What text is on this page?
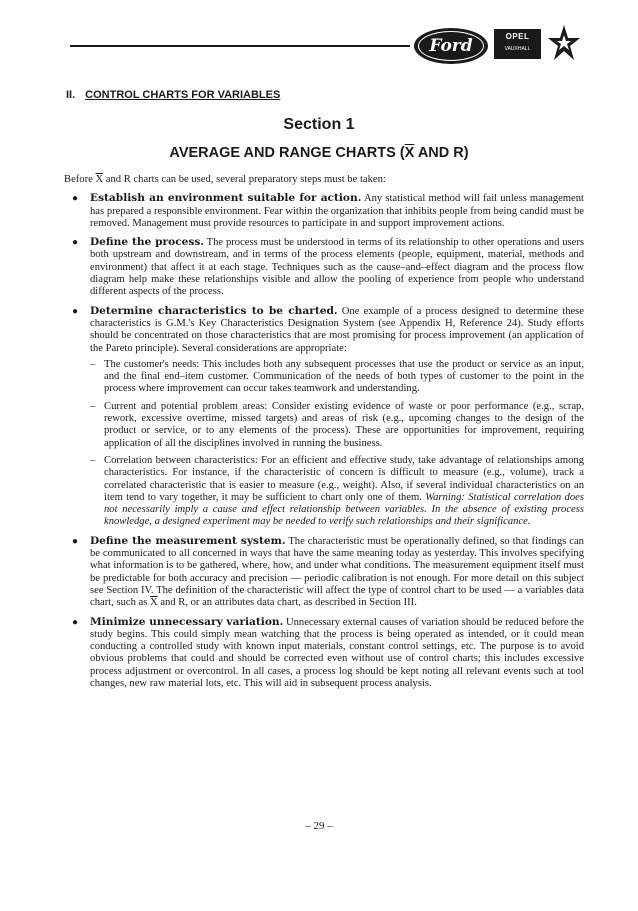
Ford	OPEL
VAUXHALL
II. CONTROL CHARTS FOR VARIABLES
Section 1
AVERAGE AND RANGE CHARTS ($\overline{X}$ AND R)

Before $\overline{X}$ and R charts can be used, several preparatory steps must be taken:

● Establish an environment suitable for action. Any statistical method will fail unless management has prepared a responsible environment. Fear within the organization that inhibits people from being candid must be removed. Management must provide resources to participate in and support improvement actions.
● Define the process. The process must be understood in terms of its relationship to other operations and users both upstream and downstream, and in terms of the process elements (people, equipment, material, methods and environment) that affect it at each stage. Techniques such as the cause–and–effect diagram and the process flow diagram help make these relationships visible and allow the pooling of experience from people who understand different aspects of the process.
● Determine characteristics to be charted. One example of a process designed to determine these characteristics is G.M.'s Key Characteristics Designation System (see Appendix H, Reference 24). Study efforts should be concentrated on those characteristics that are most promising for process improvement (an application of the Pareto principle). Several considerations are appropriate:
– The customer's needs: This includes both any subsequent processes that use the product or service as an input, and the final end–item customer. Communication of the needs of both types of customer to the point in the process where improvement can occur takes teamwork and understanding.
– Current and potential problem areas: Consider existing evidence of waste or poor performance (e.g., scrap, rework, excessive overtime, missed targets) and areas of risk (e.g., upcoming changes to the design of the product or service, or to any elements of the process). These are opportunities for improvement, requiring application of all the disciplines involved in running the business.
– Correlation between characteristics: For an efficient and effective study, take advantage of relationships among characteristics. For instance, if the characteristic of concern is difficult to measure (e.g., volume), track a correlated characteristic that is easier to measure (e.g., weight). Also, if several individual characteristics on an item tend to vary together, it may be sufficient to chart only one of them. Warning: Statistical correlation does not necessarily imply a cause and effect relationship between variables. In the absence of existing process knowledge, a designed experiment may be needed to verify such relationships and their significance.
● Define the measurement system. The characteristic must be operationally defined, so that findings can be communicated to all concerned in ways that have the same meaning today as yesterday. This involves specifying what information is to be gathered, where, how, and under what conditions. The measurement equipment itself must be predictable for both accuracy and precision — periodic calibration is not enough. For more detail on this subject see Section IV. The definition of the characteristic will affect the type of control chart to be used — a variables data chart, such as $\overline{X}$ and R, or an attributes data chart, as described in Section III.
● Minimize unnecessary variation. Unnecessary external causes of variation should be reduced before the study begins. This could simply mean watching that the process is being operated as intended, or it could mean conducting a controlled study with known input materials, constant control settings, etc. The purpose is to avoid obvious problems that could and should be corrected even without use of control charts; this includes excessive process adjustment or overcontrol. In all cases, a process log should be kept noting all relevant events such at tool changes, new raw material lots, etc. This will aid in subsequent process analysis.
– 29 –
